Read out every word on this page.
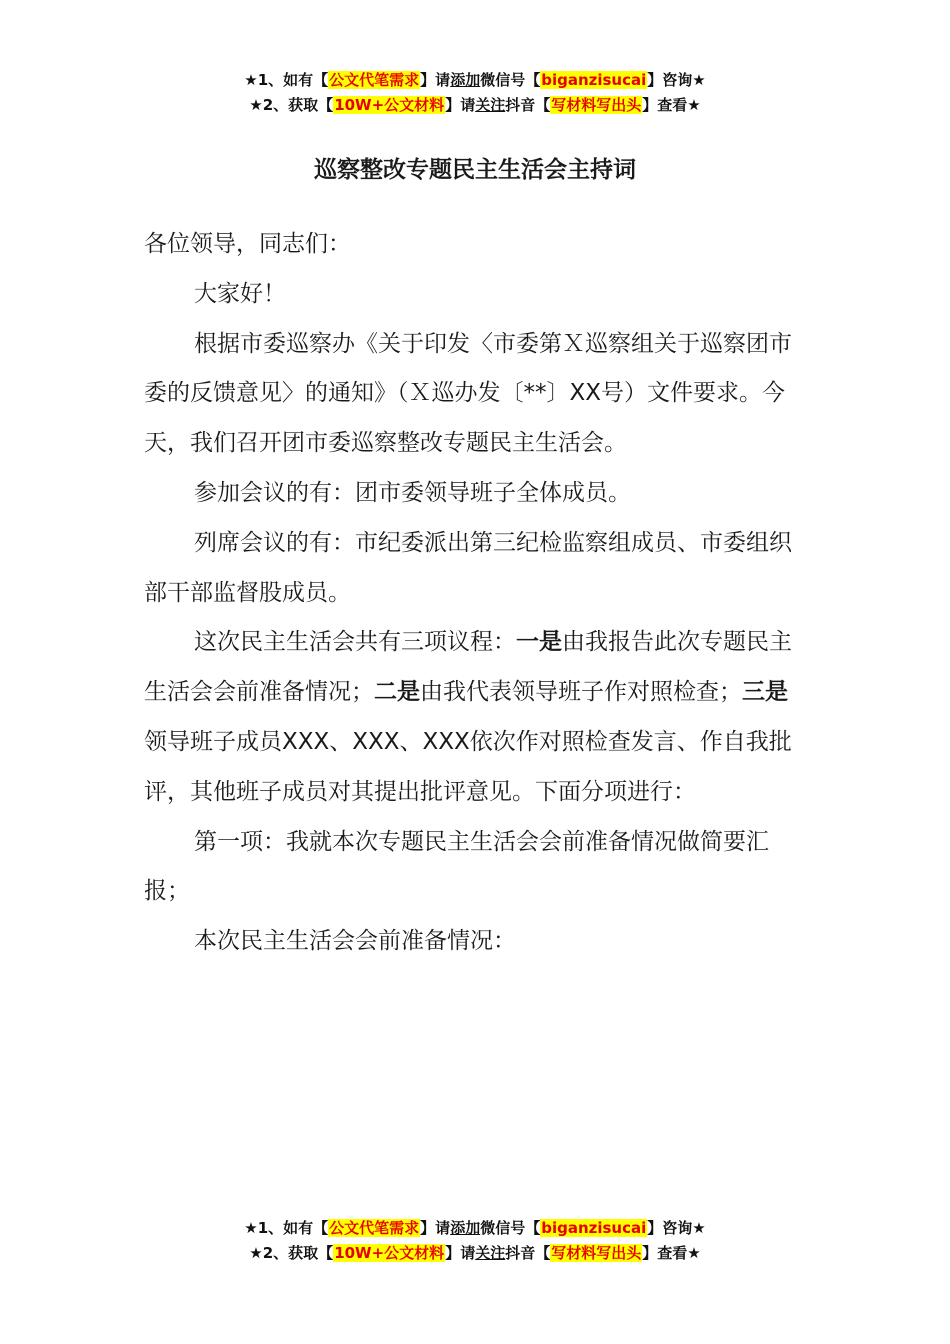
★1、如有【公文代笔需求】请添加微信号【biganzisucai】咨询★
★2、获取【10W+公文材料】请关注抖音【写材料写出头】查看★
巡察整改专题民主生活会主持词

各位领导，同志们：

大家好！

根据市委巡察办《关于印发〈市委第Ｘ巡察组关于巡察团市委的反馈意见〉的通知》（Ｘ巡办发〔**〕XX号）文件要求。今天，我们召开团市委巡察整改专题民主生活会。

参加会议的有：团市委领导班子全体成员。

列席会议的有：市纪委派出第三纪检监察组成员、市委组织部干部监督股成员。

这次民主生活会共有三项议程：一是由我报告此次专题民主生活会会前准备情况；二是由我代表领导班子作对照检查；三是领导班子成员XXX、XXX、XXX依次作对照检查发言、作自我批评，其他班子成员对其提出批评意见。下面分项进行：

第一项：我就本次专题民主生活会会前准备情况做简要汇报；

本次民主生活会会前准备情况：

★1、如有【公文代笔需求】请添加微信号【biganzisucai】咨询★
★2、获取【10W+公文材料】请关注抖音【写材料写出头】查看★
